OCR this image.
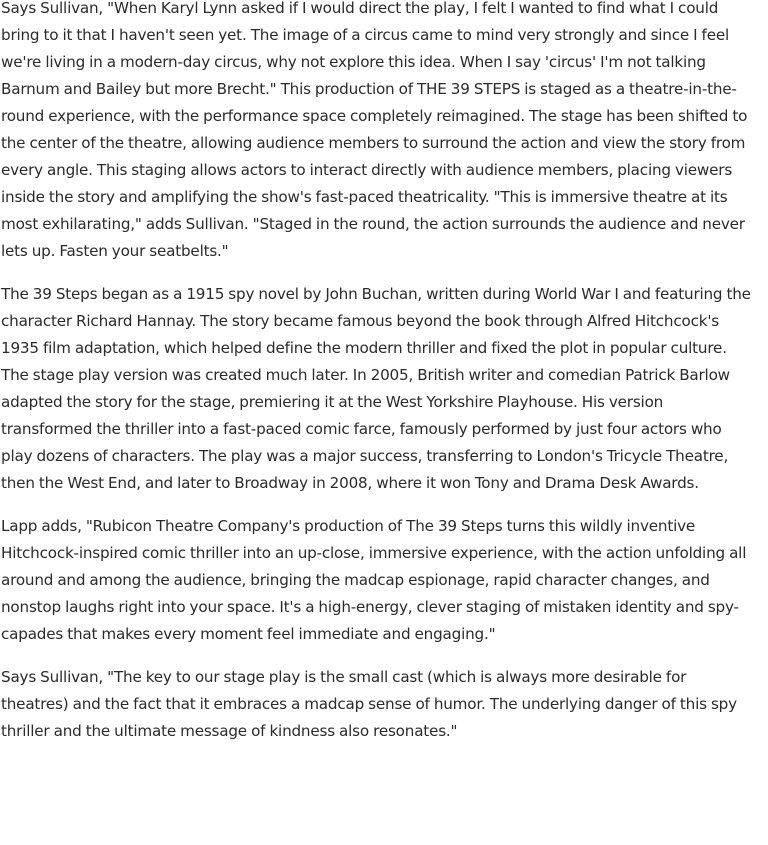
Says Sullivan, "When Karyl Lynn asked if I would direct the play, I felt I wanted to find what I could bring to it that I haven't seen yet. The image of a circus came to mind very strongly and since I feel we're living in a modern-day circus, why not explore this idea. When I say 'circus' I'm not talking Barnum and Bailey but more Brecht." This production of THE 39 STEPS is staged as a theatre-in-the-round experience, with the performance space completely reimagined. The stage has been shifted to the center of the theatre, allowing audience members to surround the action and view the story from every angle. This staging allows actors to interact directly with audience members, placing viewers inside the story and amplifying the show's fast-paced theatricality. "This is immersive theatre at its most exhilarating," adds Sullivan. "Staged in the round, the action surrounds the audience and never lets up. Fasten your seatbelts."

The 39 Steps began as a 1915 spy novel by John Buchan, written during World War I and featuring the character Richard Hannay. The story became famous beyond the book through Alfred Hitchcock's 1935 film adaptation, which helped define the modern thriller and fixed the plot in popular culture. The stage play version was created much later. In 2005, British writer and comedian Patrick Barlow adapted the story for the stage, premiering it at the West Yorkshire Playhouse. His version transformed the thriller into a fast-paced comic farce, famously performed by just four actors who play dozens of characters. The play was a major success, transferring to London's Tricycle Theatre, then the West End, and later to Broadway in 2008, where it won Tony and Drama Desk Awards.

Lapp adds, "Rubicon Theatre Company's production of The 39 Steps turns this wildly inventive Hitchcock-inspired comic thriller into an up-close, immersive experience, with the action unfolding all around and among the audience, bringing the madcap espionage, rapid character changes, and nonstop laughs right into your space. It's a high-energy, clever staging of mistaken identity and spy-capades that makes every moment feel immediate and engaging."

Says Sullivan, "The key to our stage play is the small cast (which is always more desirable for theatres) and the fact that it embraces a madcap sense of humor. The underlying danger of this spy thriller and the ultimate message of kindness also resonates."
